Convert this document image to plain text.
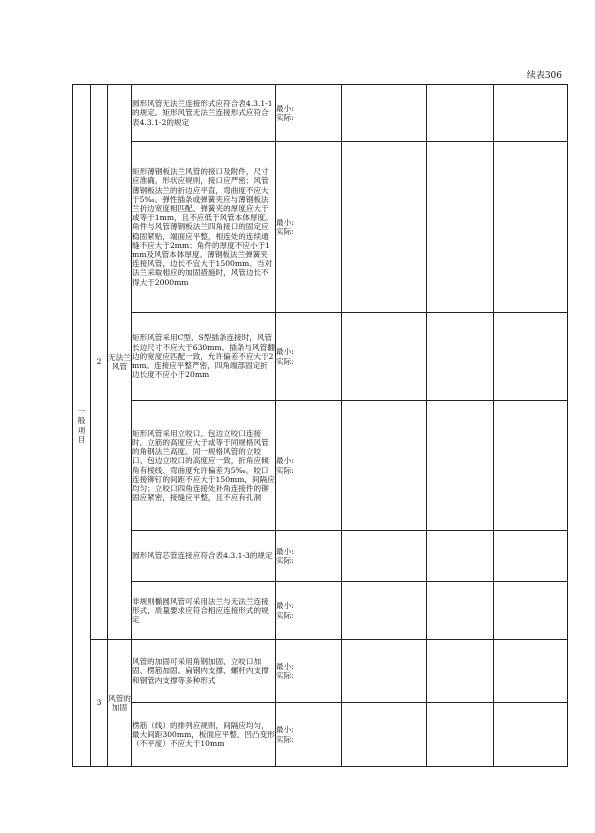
续表306
一般项目	2	无法兰风管	圆形风管无法兰连接形式应符合表4.3.1-1的规定。矩形风管无法兰连接形式应符合表4.3.1-2的规定	最小:
实际:			

			矩形薄钢板法兰风管的接口及附件，尺寸应准确，形状应规则，接口应严密；风管薄钢板法兰的折边应平直，弯曲度不应大于5‰。弹性插条或弹簧夹应与薄钢板法兰折边宽度相匹配，弹簧夹的厚度应大于或等于1mm，且不应低于风管本体厚度。角件与风管薄钢板法兰四角接口的固定应稳固紧贴，端面应平整，相连处的连续通缝不应大于2mm；角件的厚度不应小于1mm及风管本体厚度。薄钢板法兰弹簧夹连接风管，边长不宜大于1500mm。当对法兰采取相应的加固措施时，风管边长不得大于2000mm	最小:
实际:			

			矩形风管采用C型、S型插条连接时，风管长边尺寸不应大于630mm。插条与风管翻边的宽度应匹配一致，允许偏差不应大于2mm。连接应平整严密，四角端部固定折边长度不应小于20mm	最小:
实际:			

			矩形风管采用立咬口、包边立咬口连接时，立筋的高度应大于或等于同规格风管的角钢法兰高度。同一规格风管的立咬口、包边立咬口的高度应一致，折角应倾角有棱线、弯曲度允许偏差为5‰。咬口连接铆钉的间距不应大于150mm，间隔应均匀；立咬口四角连接处补角连接件的铆固应紧密，接缝应平整，且不应有孔洞	最小:
实际:			

			圆形风管芯管连接应符合表4.3.1-3的规定	最小:
实际:			

			非规则椭圆风管可采用法兰与无法兰连接形式，质量要求应符合相应连接形式的规定	最小:
实际:			

	3	风管的加固	风管的加固可采用角钢加固、立咬口加固、楞筋加固、扁钢内支撑、螺杆内支撑和钢管内支撑等多种形式	最小:
实际:			

			楞筋（线）的排列应规则，间隔应均匀，最大间距300mm，板面应平整，凹凸变形（不平度）不应大于10mm	最小:
实际:			
